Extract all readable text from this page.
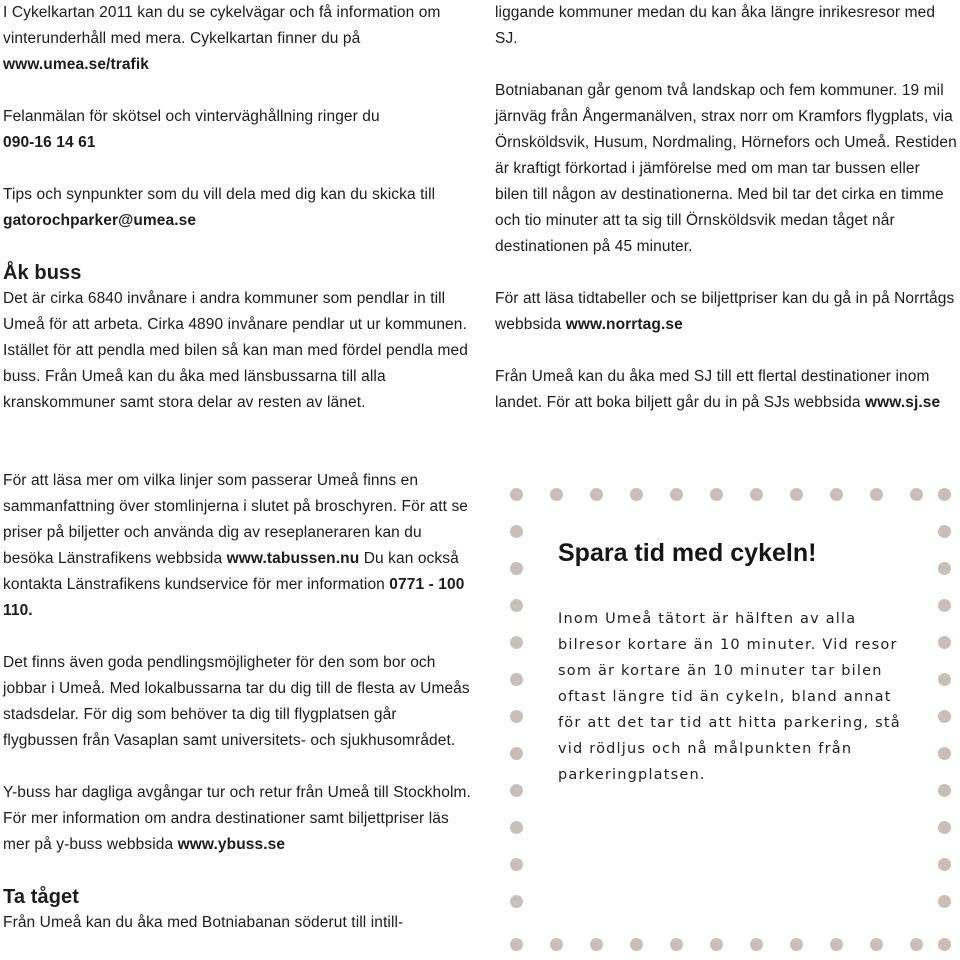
I Cykelkartan 2011 kan du se cykelvägar och få information om vinterunderhåll med mera. Cykelkartan finner du på www.umea.se/trafik

Felanmälan för skötsel och vinterväghållning ringer du
090-16 14 61

Tips och synpunkter som du vill dela med dig kan du skicka till gatorochparker@umea.se

Åk buss

Det är cirka 6840 invånare i andra kommuner som pendlar in till Umeå för att arbeta. Cirka 4890 invånare pendlar ut ur kommunen. Istället för att pendla med bilen så kan man med fördel pendla med buss. Från Umeå kan du åka med länsbussarna till alla kranskommuner samt stora delar av resten av länet.

liggande kommuner medan du kan åka längre inrikesresor med SJ.

Botniabanan går genom två landskap och fem kommuner. 19 mil järnväg från Ångermanälven, strax norr om Kramfors flygplats, via Örnsköldsvik, Husum, Nordmaling, Hörnefors och Umeå. Restiden är kraftigt förkortad i jämförelse med om man tar bussen eller bilen till någon av destinationerna. Med bil tar det cirka en timme och tio minuter att ta sig till Örnsköldsvik medan tåget når destinationen på 45 minuter.

För att läsa tidtabeller och se biljettpriser kan du gå in på Norrtågs webbsida www.norrtag.se

Från Umeå kan du åka med SJ till ett flertal destinationer inom landet. För att boka biljett går du in på SJs webbsida www.sj.se

För att läsa mer om vilka linjer som passerar Umeå finns en sammanfattning över stomlinjerna i slutet på broschyren. För att se priser på biljetter och använda dig av reseplaneraren kan du besöka Länstrafikens webbsida www.tabussen.nu Du kan också kontakta Länstrafikens kundservice för mer information 0771 - 100 110.

Det finns även goda pendlingsmöjligheter för den som bor och jobbar i Umeå. Med lokalbussarna tar du dig till de flesta av Umeås stadsdelar. För dig som behöver ta dig till flygplatsen går flygbussen från Vasaplan samt universitets- och sjukhusområdet.

Y-buss har dagliga avgångar tur och retur från Umeå till Stockholm. För mer information om andra destinationer samt biljettpriser läs mer på y-buss webbsida www.ybuss.se

Ta tåget

Från Umeå kan du åka med Botniabanan söderut till intill-

Spara tid med cykeln!

Inom Umeå tätort är hälften av alla bilresor kortare än 10 minuter. Vid resor som är kortare än 10 minuter tar bilen oftast längre tid än cykeln, bland annat för att det tar tid att hitta parkering, stå vid rödljus och nå målpunkten från parkeringplatsen.
